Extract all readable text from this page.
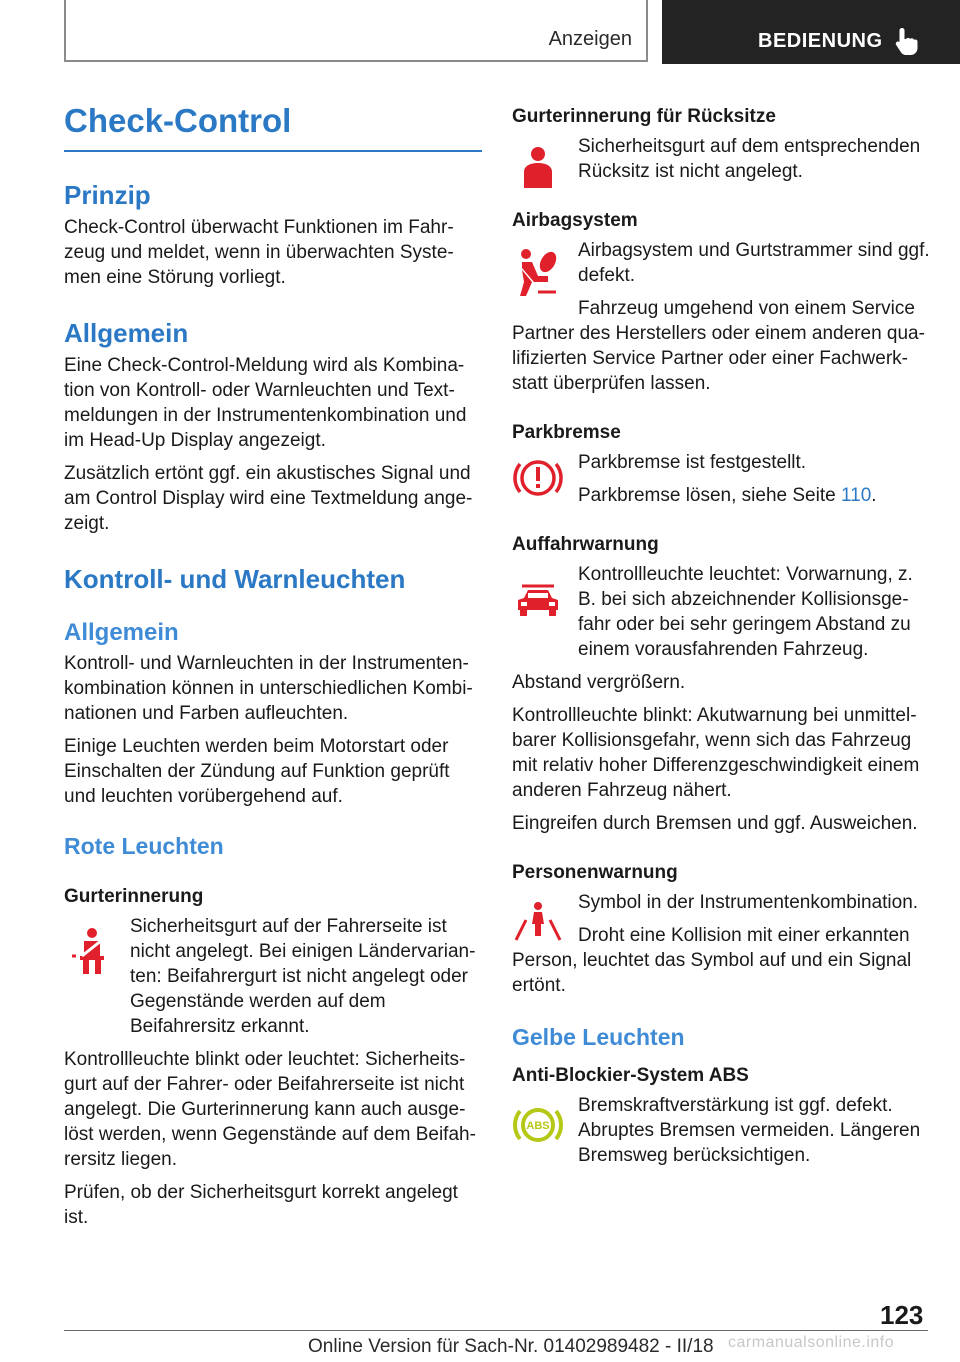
Anzeigen	BEDIENUNG
Check-Control
Prinzip

Check-Control überwacht Funktionen im Fahrzeug und meldet, wenn in überwachten Systemen eine Störung vorliegt.

Allgemein

Eine Check-Control-Meldung wird als Kombination von Kontroll- oder Warnleuchten und Textmeldungen in der Instrumentenkombination und im Head-Up Display angezeigt.

Zusätzlich ertönt ggf. ein akustisches Signal und am Control Display wird eine Textmeldung angezeigt.

Kontroll- und Warnleuchten
Allgemein

Kontroll- und Warnleuchten in der Instrumentenkombination können in unterschiedlichen Kombinationen und Farben aufleuchten.

Einige Leuchten werden beim Motorstart oder Einschalten der Zündung auf Funktion geprüft und leuchten vorübergehend auf.

Rote Leuchten
Gurterinnerung

Sicherheitsgurt auf der Fahrerseite ist nicht angelegt. Bei einigen Ländervarianten: Beifahrergurt ist nicht angelegt oder Gegenstände werden auf dem Beifahrersitz erkannt.

Kontrollleuchte blinkt oder leuchtet: Sicherheitsgurt auf der Fahrer- oder Beifahrerseite ist nicht angelegt. Die Gurterinnerung kann auch ausgelöst werden, wenn Gegenstände auf dem Beifahrersitz liegen.

Prüfen, ob der Sicherheitsgurt korrekt angelegt ist.

Gurterinnerung für Rücksitze

Sicherheitsgurt auf dem entsprechenden Rücksitz ist nicht angelegt.

Airbagsystem

Airbagsystem und Gurtstrammer sind ggf. defekt.

Fahrzeug umgehend von einem Service Partner des Herstellers oder einem anderen qualifizierten Service Partner oder einer Fachwerkstatt überprüfen lassen.

Parkbremse

Parkbremse ist festgestellt.

Parkbremse lösen, siehe Seite 110.

Auffahrwarnung

Kontrollleuchte leuchtet: Vorwarnung, z. B. bei sich abzeichnender Kollisionsgefahr oder bei sehr geringem Abstand zu einem vorausfahrenden Fahrzeug.

Abstand vergrößern.

Kontrollleuchte blinkt: Akutwarnung bei unmittelbarer Kollisionsgefahr, wenn sich das Fahrzeug mit relativ hoher Differenzgeschwindigkeit einem anderen Fahrzeug nähert.

Eingreifen durch Bremsen und ggf. Ausweichen.

Personenwarnung

Symbol in der Instrumentenkombination.

Droht eine Kollision mit einer erkannten Person, leuchtet das Symbol auf und ein Signal ertönt.

Gelbe Leuchten
Anti-Blockier-System ABS
ABS

Bremskraftverstärkung ist ggf. defekt. Abruptes Bremsen vermeiden. Längeren Bremsweg berücksichtigen.

123
Online Version für Sach-Nr. 01402989482 - II/18 carmanualsonline.info
